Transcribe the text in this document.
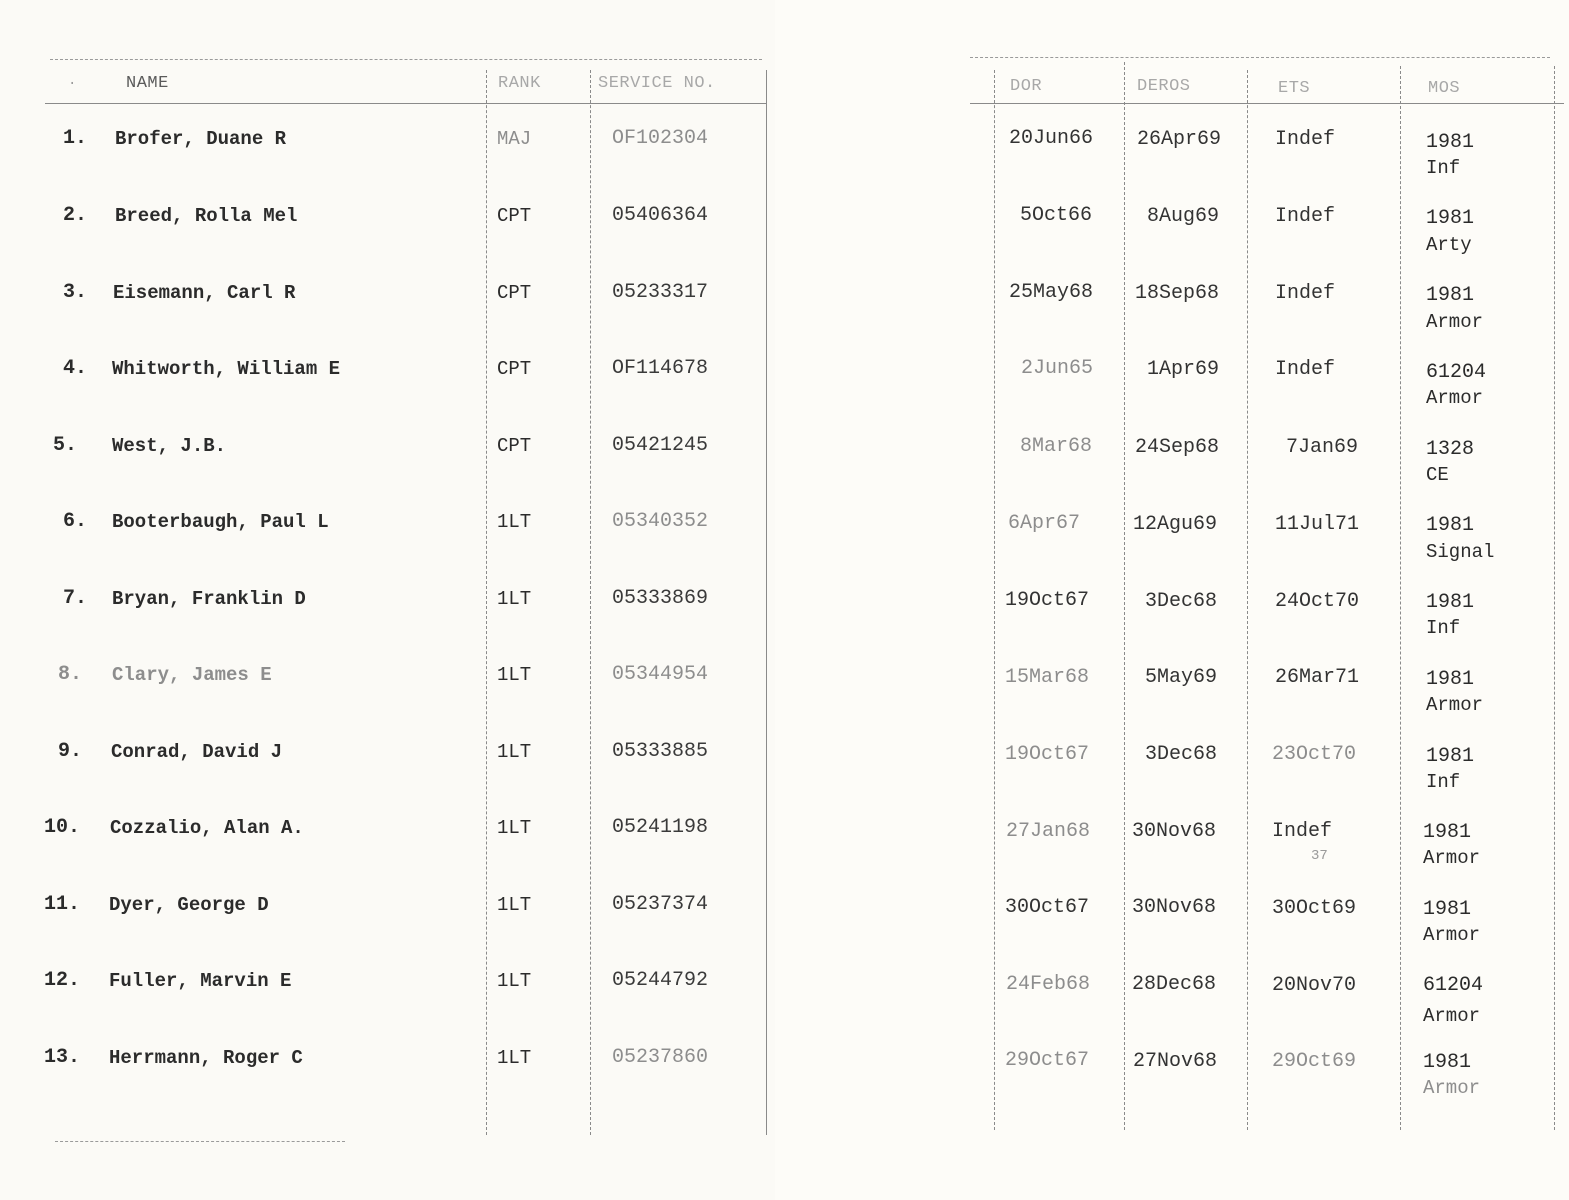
NAME	RANK	SERVICE NO.
·
1. Brofer, Duane R	MAJ	OF102304
2. Breed, Rolla Mel	CPT	05406364
3. Eisemann, Carl R	CPT	05233317
4. Whitworth, William E	CPT	OF114678
5. West, J.B.	CPT	05421245
6. Booterbaugh, Paul L	1LT	05340352
7. Bryan, Franklin D	1LT	05333869
8. Clary, James E	1LT	05344954
9. Conrad, David J	1LT	05333885
10. Cozzalio, Alan A.	1LT	05241198
11. Dyer, George D	1LT	05237374
12. Fuller, Marvin E	1LT	05244792
13. Herrmann, Roger C	1LT	05237860
DOR	DEROS	ETS	MOS
20Jun66 26Apr69	Indef	1981
Inf
5Oct66	8Aug69	Indef	1981
Arty
25May68 18Sep68	Indef	1981
Armor
2Jun65	1Apr69	Indef	61204
Armor
8Mar68 24Sep68	7Jan69	1328
CE
6Apr67	12Agu69	11Jul71	1981
Signal
19Oct67	3Dec68	24Oct70	1981
Inf
15Mar68	5May69	26Mar71	1981
Armor
19Oct67	3Dec68	23Oct70	1981
Inf
27Jan68 30Nov68	Indef
37
1981
Armor
30Oct67 30Nov68	30Oct69	1981
Armor
24Feb68 28Dec68	20Nov70	61204
Armor
29Oct67 27Nov68	29Oct69	1981
Armor
